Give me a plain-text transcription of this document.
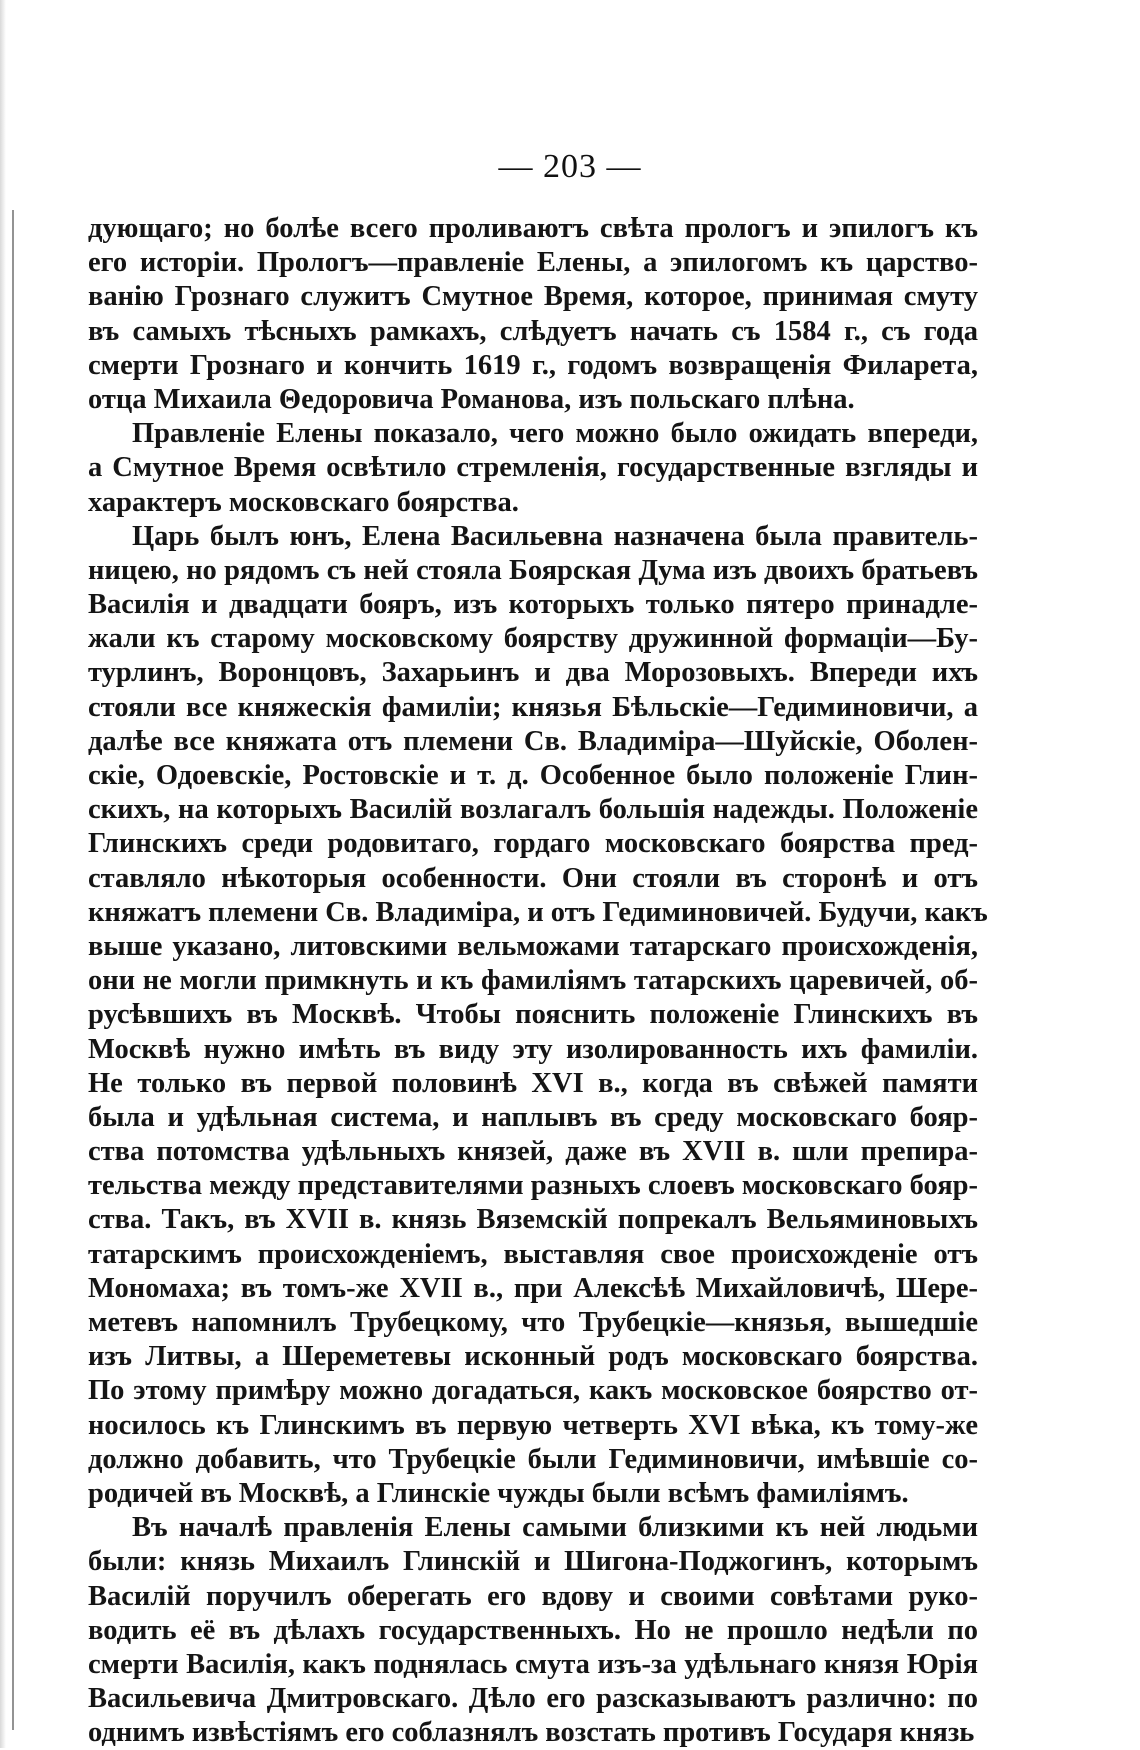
— 203 —
дующаго; но болѣе всего проливаютъ свѣта прологъ и эпилогъ къ
его исторіи. Прологъ—правленіе Елены, а эпилогомъ къ царство-
ванію Грознаго служитъ Смутное Время, которое, принимая смуту
въ самыхъ тѣсныхъ рамкахъ, слѣдуетъ начать съ 1584 г., съ года
смерти Грознаго и кончить 1619 г., годомъ возвращенія Филарета,
отца Михаила Θедоровича Романова, изъ польскаго плѣна.
Правленіе Елены показало, чего можно было ожидать впереди,
а Смутное Время освѣтило стремленія, государственные взгляды и
характеръ московскаго боярства.
Царь былъ юнъ, Елена Васильевна назначена была правитель-
ницею, но рядомъ съ ней стояла Боярская Дума изъ двоихъ братьевъ
Василія и двадцати бояръ, изъ которыхъ только пятеро принадле-
жали къ старому московскому боярству дружинной формаціи—Бу-
турлинъ, Воронцовъ, Захарьинъ и два Морозовыхъ. Впереди ихъ
стояли все княжескія фамиліи; князья Бѣльскіе—Гедиминовичи, а
далѣе все княжата отъ племени Св. Владиміра—Шуйскіе, Оболен-
скіе, Одоевскіе, Ростовскіе и т. д. Особенное было положеніе Глин-
скихъ, на которыхъ Василій возлагалъ большія надежды. Положеніе
Глинскихъ среди родовитаго, гордаго московскаго боярства пред-
ставляло нѣкоторыя особенности. Они стояли въ сторонѣ и отъ
княжатъ племени Св. Владиміра, и отъ Гедиминовичей. Будучи, какъ
выше указано, литовскими вельможами татарскаго происхожденія,
они не могли примкнуть и къ фамиліямъ татарскихъ царевичей, об-
русѣвшихъ въ Москвѣ. Чтобы пояснить положеніе Глинскихъ въ
Москвѣ нужно имѣть въ виду эту изолированность ихъ фамиліи.
Не только въ первой половинѣ XVI в., когда въ свѣжей памяти
была и удѣльная система, и наплывъ въ среду московскаго бояр-
ства потомства удѣльныхъ князей, даже въ XVII в. шли препира-
тельства между представителями разныхъ слоевъ московскаго бояр-
ства. Такъ, въ XVII в. князь Вяземскій попрекалъ Вельяминовыхъ
татарскимъ происхожденіемъ, выставляя свое происхожденіе отъ
Мономаха; въ томъ-же XVII в., при Алексѣѣ Михайловичѣ, Шере-
метевъ напомнилъ Трубецкому, что Трубецкіе—князья, вышедшіе
изъ Литвы, а Шереметевы исконный родъ московскаго боярства.
По этому примѣру можно догадаться, какъ московское боярство от-
носилось къ Глинскимъ въ первую четверть XVI вѣка, къ тому-же
должно добавить, что Трубецкіе были Гедиминовичи, имѣвшіе со-
родичей въ Москвѣ, а Глинскіе чужды были всѣмъ фамиліямъ.
Въ началѣ правленія Елены самыми близкими къ ней людьми
были: князь Михаилъ Глинскій и Шигона-Поджогинъ, которымъ
Василій поручилъ оберегать его вдову и своими совѣтами руко-
водить её въ дѣлахъ государственныхъ. Но не прошло недѣли по
смерти Василія, какъ поднялась смута изъ-за удѣльнаго князя Юрія
Васильевича Дмитровскаго. Дѣло его разсказываютъ различно: по
однимъ извѣстіямъ его соблазнялъ возстать противъ Государя князь
